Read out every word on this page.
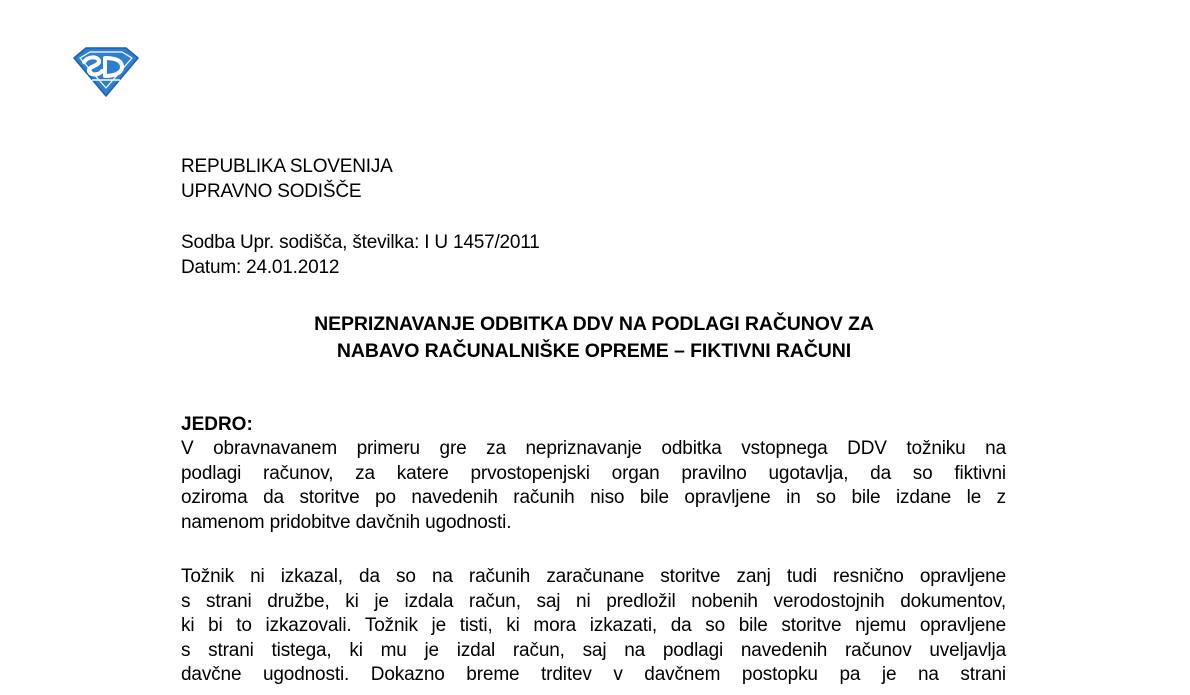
REPUBLIKA SLOVENIJA
UPRAVNO SODIŠČE
Sodba Upr. sodišča, številka: I U 1457/2011
Datum: 24.01.2012
NEPRIZNAVANJE ODBITKA DDV NA PODLAGI RAČUNOV ZA
NABAVO RAČUNALNIŠKE OPREME – FIKTIVNI RAČUNI
JEDRO:
V obravnavanem primeru gre za nepriznavanje odbitka vstopnega DDV tožniku na
podlagi računov, za katere prvostopenjski organ pravilno ugotavlja, da so fiktivni
oziroma da storitve po navedenih računih niso bile opravljene in so bile izdane le z
namenom pridobitve davčnih ugodnosti.
Tožnik ni izkazal, da so na računih zaračunane storitve zanj tudi resnično opravljene
s strani družbe, ki je izdala račun, saj ni predložil nobenih verodostojnih dokumentov,
ki bi to izkazovali. Tožnik je tisti, ki mora izkazati, da so bile storitve njemu opravljene
s strani tistega, ki mu je izdal račun, saj na podlagi navedenih računov uveljavlja
davčne ugodnosti. Dokazno breme trditev v davčnem postopku pa je na strani
